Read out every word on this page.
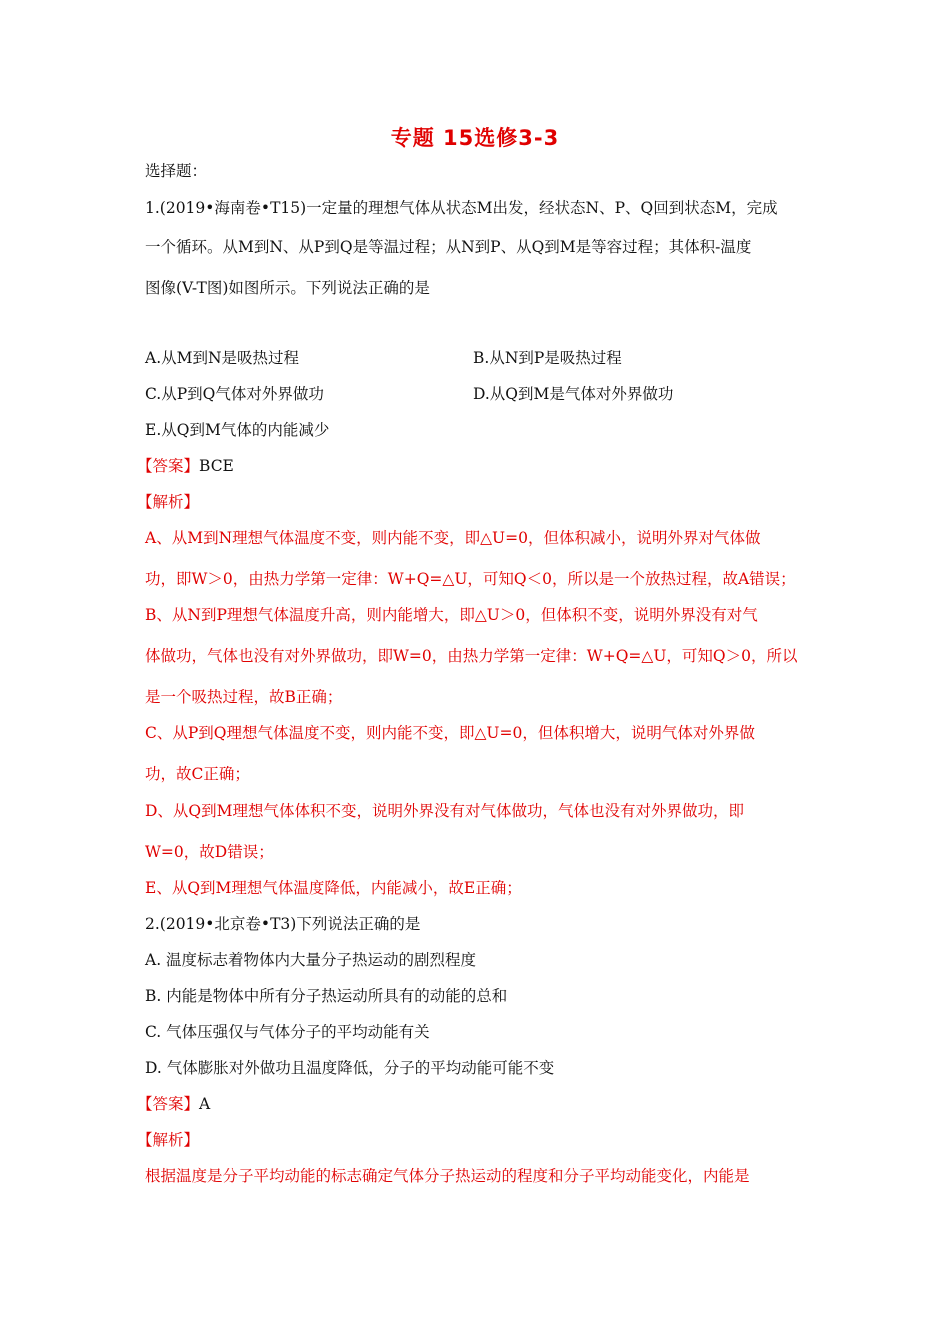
专题 15选修3-3
选择题：
1.(2019•海南卷•T15)一定量的理想气体从状态M出发，经状态N、P、Q回到状态M，完成
一个循环。从M到N、从P到Q是等温过程；从N到P、从Q到M是等容过程；其体积-温度
图像(V-T图)如图所示。下列说法正确的是
A.从M到N是吸热过程	B.从N到P是吸热过程
C.从P到Q气体对外界做功	D.从Q到M是气体对外界做功
E.从Q到M气体的内能减少
【答案】BCE
【解析】
A、从M到N理想气体温度不变，则内能不变，即△U=0，但体积减小，说明外界对气体做
功，即W＞0，由热力学第一定律：W+Q=△U，可知Q＜0，所以是一个放热过程，故A错误；
B、从N到P理想气体温度升高，则内能增大，即△U＞0，但体积不变，说明外界没有对气
体做功，气体也没有对外界做功，即W=0，由热力学第一定律：W+Q=△U，可知Q＞0，所以
是一个吸热过程，故B正确；
C、从P到Q理想气体温度不变，则内能不变，即△U=0，但体积增大，说明气体对外界做
功，故C正确；
D、从Q到M理想气体体积不变，说明外界没有对气体做功，气体也没有对外界做功，即
W=0，故D错误；
E、从Q到M理想气体温度降低，内能减小，故E正确；
2.(2019•北京卷•T3)下列说法正确的是
A. 温度标志着物体内大量分子热运动的剧烈程度
B. 内能是物体中所有分子热运动所具有的动能的总和
C. 气体压强仅与气体分子的平均动能有关
D. 气体膨胀对外做功且温度降低，分子的平均动能可能不变
【答案】A
【解析】
根据温度是分子平均动能的标志确定气体分子热运动的程度和分子平均动能变化，内能是
